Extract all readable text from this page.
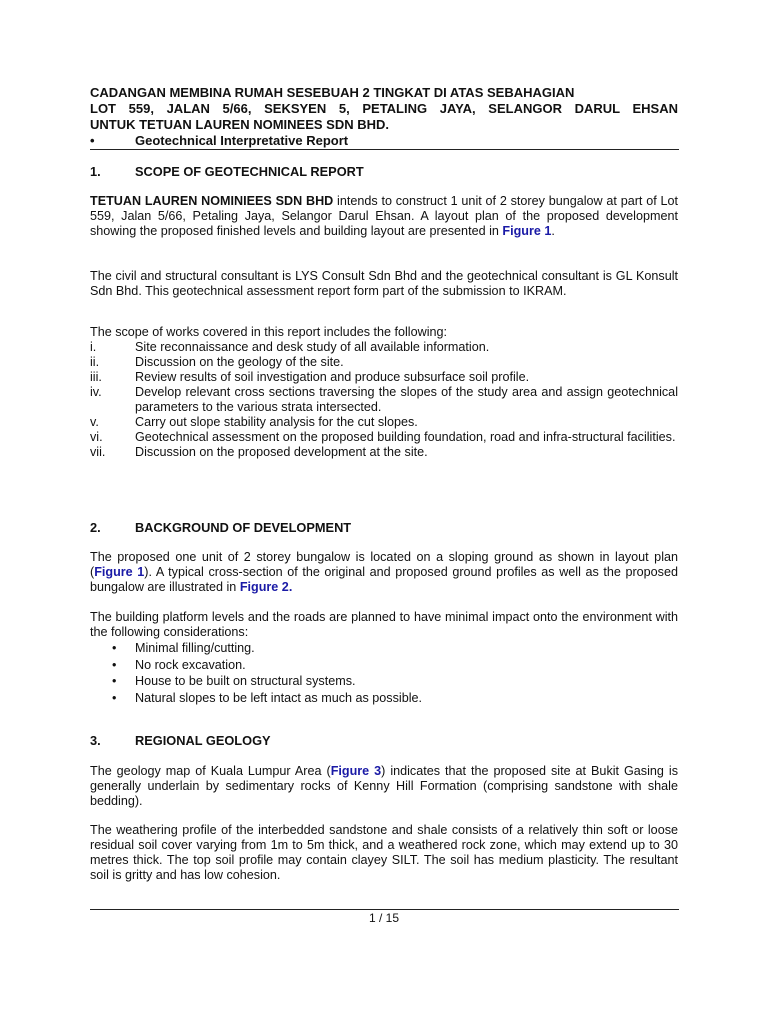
CADANGAN MEMBINA RUMAH SESEBUAH 2 TINGKAT DI ATAS SEBAHAGIAN
LOT 559, JALAN 5/66, SEKSYEN 5, PETALING JAYA, SELANGOR DARUL EHSAN
UNTUK TETUAN LAUREN NOMINEES SDN BHD.
•	Geotechnical Interpretative Report
1.	SCOPE OF GEOTECHNICAL REPORT

TETUAN LAUREN NOMINIEES SDN BHD intends to construct 1 unit of 2 storey bungalow at part of Lot 559, Jalan 5/66, Petaling Jaya, Selangor Darul Ehsan. A layout plan of the proposed development showing the proposed finished levels and building layout are presented in Figure 1.

The civil and structural consultant is LYS Consult Sdn Bhd and the geotechnical consultant is GL Konsult Sdn Bhd. This geotechnical assessment report form part of the submission to IKRAM.

The scope of works covered in this report includes the following:

i.	Site reconnaissance and desk study of all available information.
ii.	Discussion on the geology of the site.
iii.	Review results of soil investigation and produce subsurface soil profile.
iv.	Develop relevant cross sections traversing the slopes of the study area and assign geotechnical parameters to the various strata intersected.
v.	Carry out slope stability analysis for the cut slopes.
vi.	Geotechnical assessment on the proposed building foundation, road and infra-structural facilities.
vii.	Discussion on the proposed development at the site.
2.	BACKGROUND OF DEVELOPMENT

The proposed one unit of 2 storey bungalow is located on a sloping ground as shown in layout plan (Figure 1). A typical cross-section of the original and proposed ground profiles as well as the proposed bungalow are illustrated in Figure 2.

The building platform levels and the roads are planned to have minimal impact onto the environment with the following considerations:

•	Minimal filling/cutting.
•	No rock excavation.
•	House to be built on structural systems.
•	Natural slopes to be left intact as much as possible.
3.	REGIONAL GEOLOGY

The geology map of Kuala Lumpur Area (Figure 3) indicates that the proposed site at Bukit Gasing is generally underlain by sedimentary rocks of Kenny Hill Formation (comprising sandstone with shale bedding).

The weathering profile of the interbedded sandstone and shale consists of a relatively thin soft or loose residual soil cover varying from 1m to 5m thick, and a weathered rock zone, which may extend up to 30 metres thick. The top soil profile may contain clayey SILT. The soil has medium plasticity. The resultant soil is gritty and has low cohesion.

1 / 15
